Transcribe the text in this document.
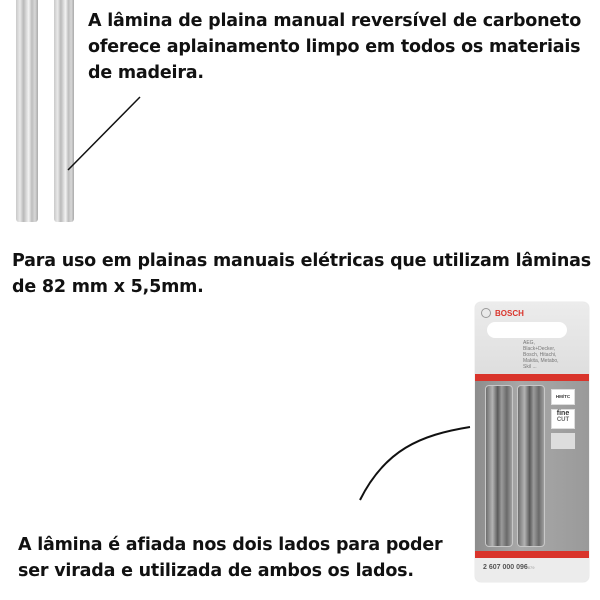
A lâmina de plaina manual reversível de carboneto
oferece aplainamento limpo em todos os materiais
de madeira.
Para uso em plainas manuais elétricas que utilizam lâminas
de 82 mm x 5,5mm.
A lâmina é afiada nos dois lados para poder
ser virada e utilizada de ambos os lados.
BOSCH
AEG,
Black+Decker,
Bosch, Hitachi,
Makita, Metabo,
Skil ...
HM/TC
fine
CUT
2 607 000 096879
